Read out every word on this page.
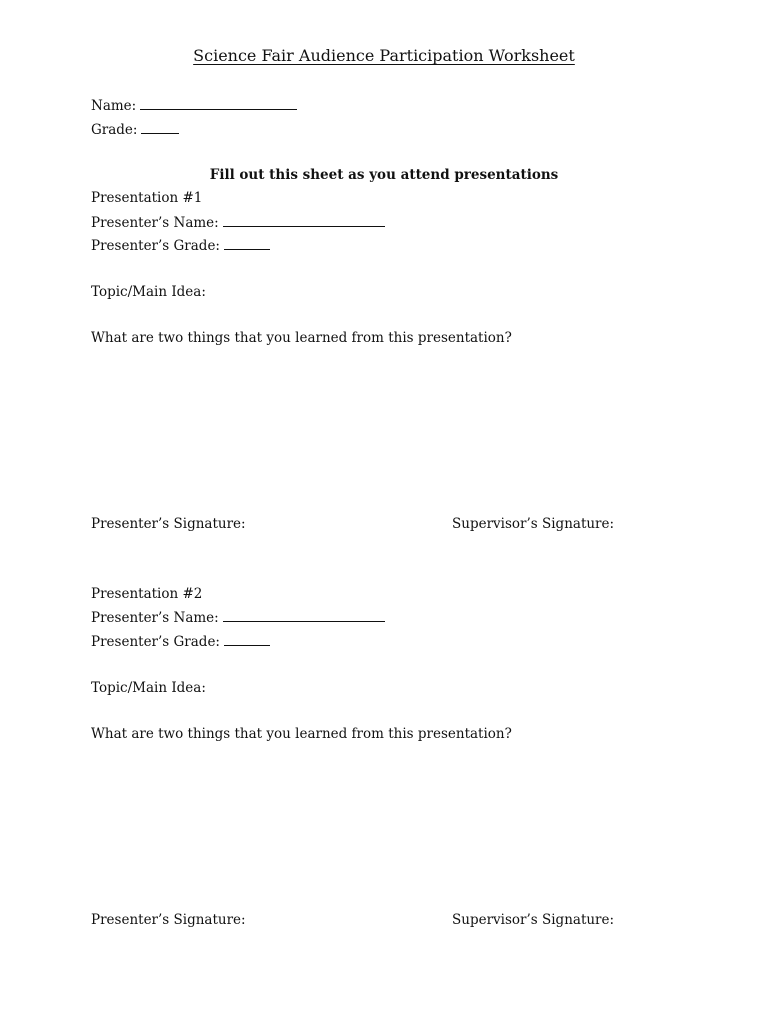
Science Fair Audience Participation Worksheet
Name:
Grade:
Fill out this sheet as you attend presentations
Presentation #1
Presenter’s Name:
Presenter’s Grade:
Topic/Main Idea:
What are two things that you learned from this presentation?
Presenter’s Signature:	Supervisor’s Signature:
Presentation #2
Presenter’s Name:
Presenter’s Grade:
Topic/Main Idea:
What are two things that you learned from this presentation?
Presenter’s Signature:	Supervisor’s Signature:
